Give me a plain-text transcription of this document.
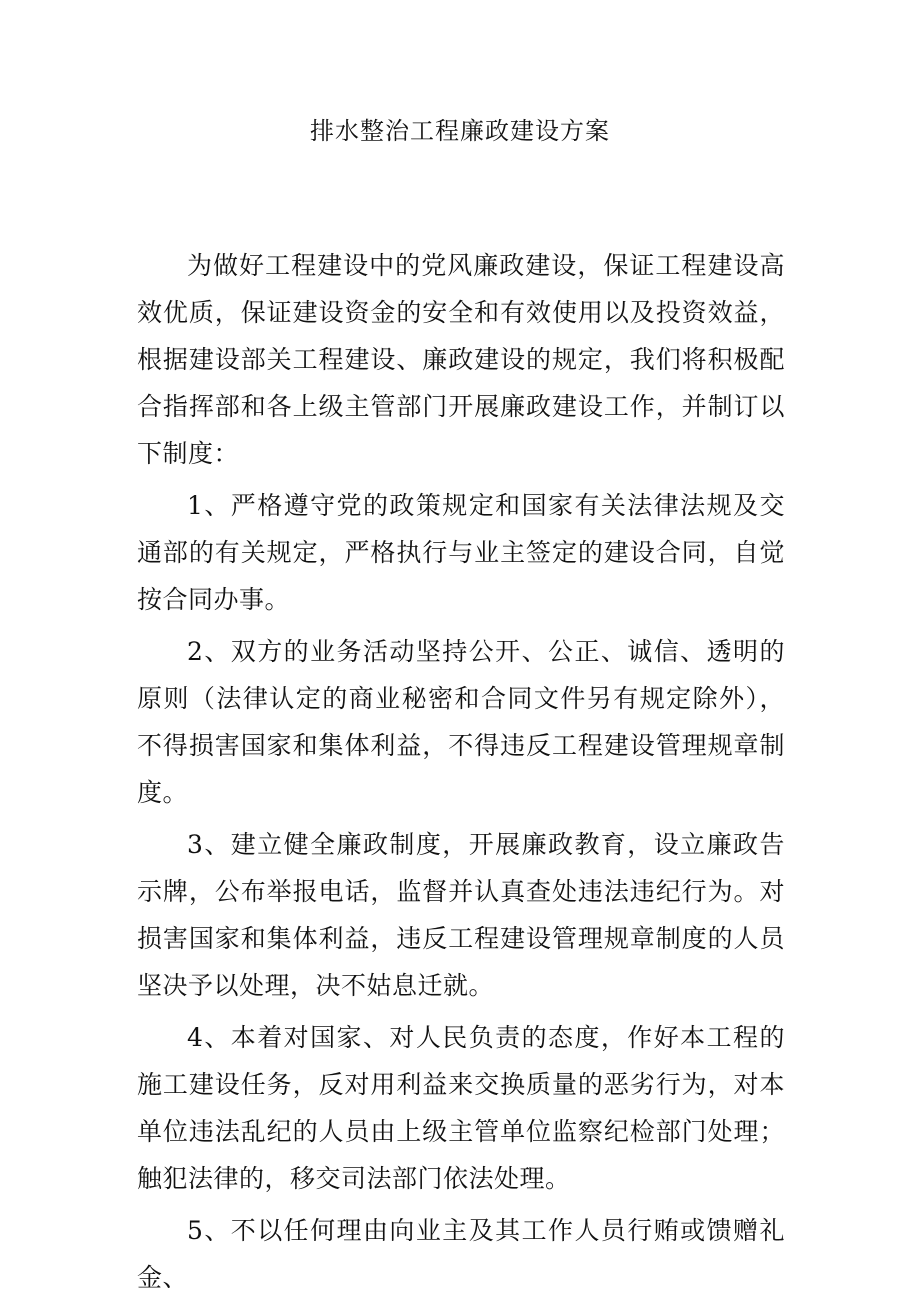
排水整治工程廉政建设方案

为做好工程建设中的党风廉政建设，保证工程建设高效优质，保证建设资金的安全和有效使用以及投资效益，根据建设部关工程建设、廉政建设的规定，我们将积极配合指挥部和各上级主管部门开展廉政建设工作，并制订以下制度：

1、严格遵守党的政策规定和国家有关法律法规及交通部的有关规定，严格执行与业主签定的建设合同，自觉按合同办事。

2、双方的业务活动坚持公开、公正、诚信、透明的原则（法律认定的商业秘密和合同文件另有规定除外），不得损害国家和集体利益，不得违反工程建设管理规章制度。

3、建立健全廉政制度，开展廉政教育，设立廉政告示牌，公布举报电话，监督并认真查处违法违纪行为。对损害国家和集体利益，违反工程建设管理规章制度的人员坚决予以处理，决不姑息迁就。

4、本着对国家、对人民负责的态度，作好本工程的施工建设任务，反对用利益来交换质量的恶劣行为，对本单位违法乱纪的人员由上级主管单位监察纪检部门处理；触犯法律的，移交司法部门依法处理。

5、不以任何理由向业主及其工作人员行贿或馈赠礼金、
